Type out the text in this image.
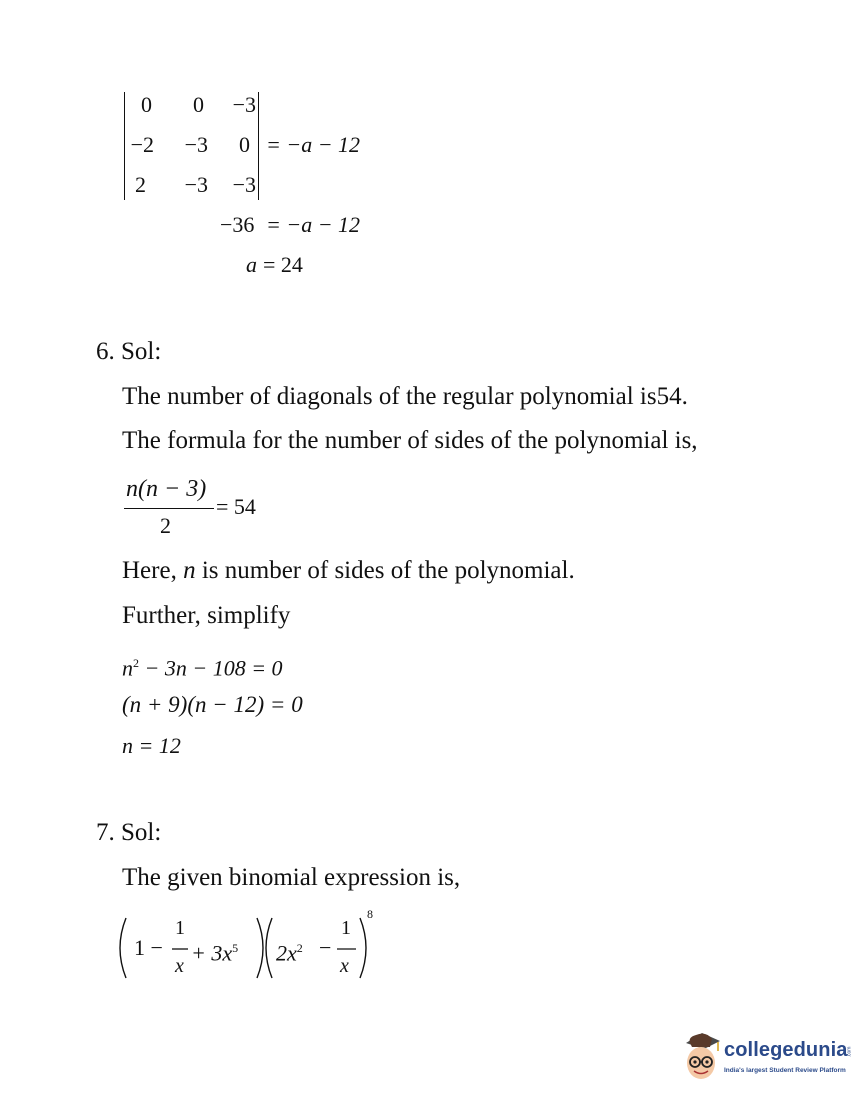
0	0	−3
−2	−3	0
2	−3	−3
= −a − 12
−36 = −a − 12
a = 24
6. Sol:
The number of diagonals of the regular polynomial is54.
The formula for the number of sides of the polynomial is,
n(n − 3)
2
= 54
Here, n is number of sides of the polynomial.
Further, simplify
$n^2 - 3n - 108 = 0$
(n + 9)(n − 12) = 0
n = 12
7. Sol:
The given binomial expression is,
1 −
1
x
+ $3x^5$ $2x^2$ −
1
x
8
collegedunia
.com
India's largest Student Review Platform
